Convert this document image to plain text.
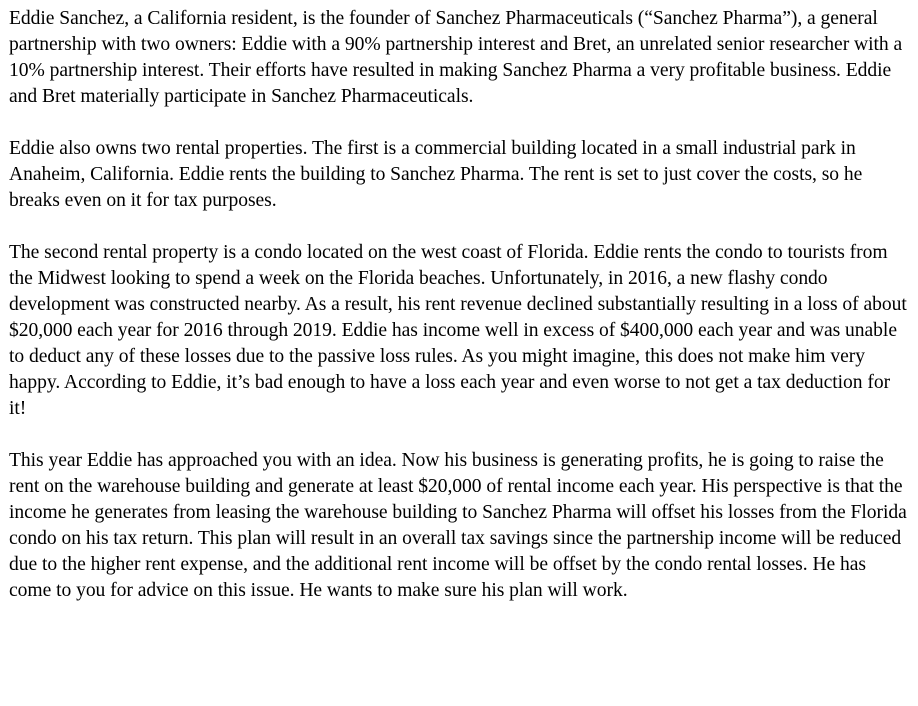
Eddie Sanchez, a California resident, is the founder of Sanchez Pharmaceuticals (“Sanchez Pharma”), a general partnership with two owners: Eddie with a 90% partnership interest and Bret, an unrelated senior researcher with a 10% partnership interest. Their efforts have resulted in making Sanchez Pharma a very profitable business. Eddie and Bret materially participate in Sanchez Pharmaceuticals.

Eddie also owns two rental properties. The first is a commercial building located in a small industrial park in Anaheim, California. Eddie rents the building to Sanchez Pharma. The rent is set to just cover the costs, so he breaks even on it for tax purposes.

The second rental property is a condo located on the west coast of Florida. Eddie rents the condo to tourists from the Midwest looking to spend a week on the Florida beaches. Unfortunately, in 2016, a new flashy condo development was constructed nearby. As a result, his rent revenue declined substantially resulting in a loss of about $20,000 each year for 2016 through 2019. Eddie has income well in excess of $400,000 each year and was unable to deduct any of these losses due to the passive loss rules. As you might imagine, this does not make him very happy. According to Eddie, it’s bad enough to have a loss each year and even worse to not get a tax deduction for it!

This year Eddie has approached you with an idea. Now his business is generating profits, he is going to raise the rent on the warehouse building and generate at least $20,000 of rental income each year. His perspective is that the income he generates from leasing the warehouse building to Sanchez Pharma will offset his losses from the Florida condo on his tax return. This plan will result in an overall tax savings since the partnership income will be reduced due to the higher rent expense, and the additional rent income will be offset by the condo rental losses. He has come to you for advice on this issue. He wants to make sure his plan will work.
